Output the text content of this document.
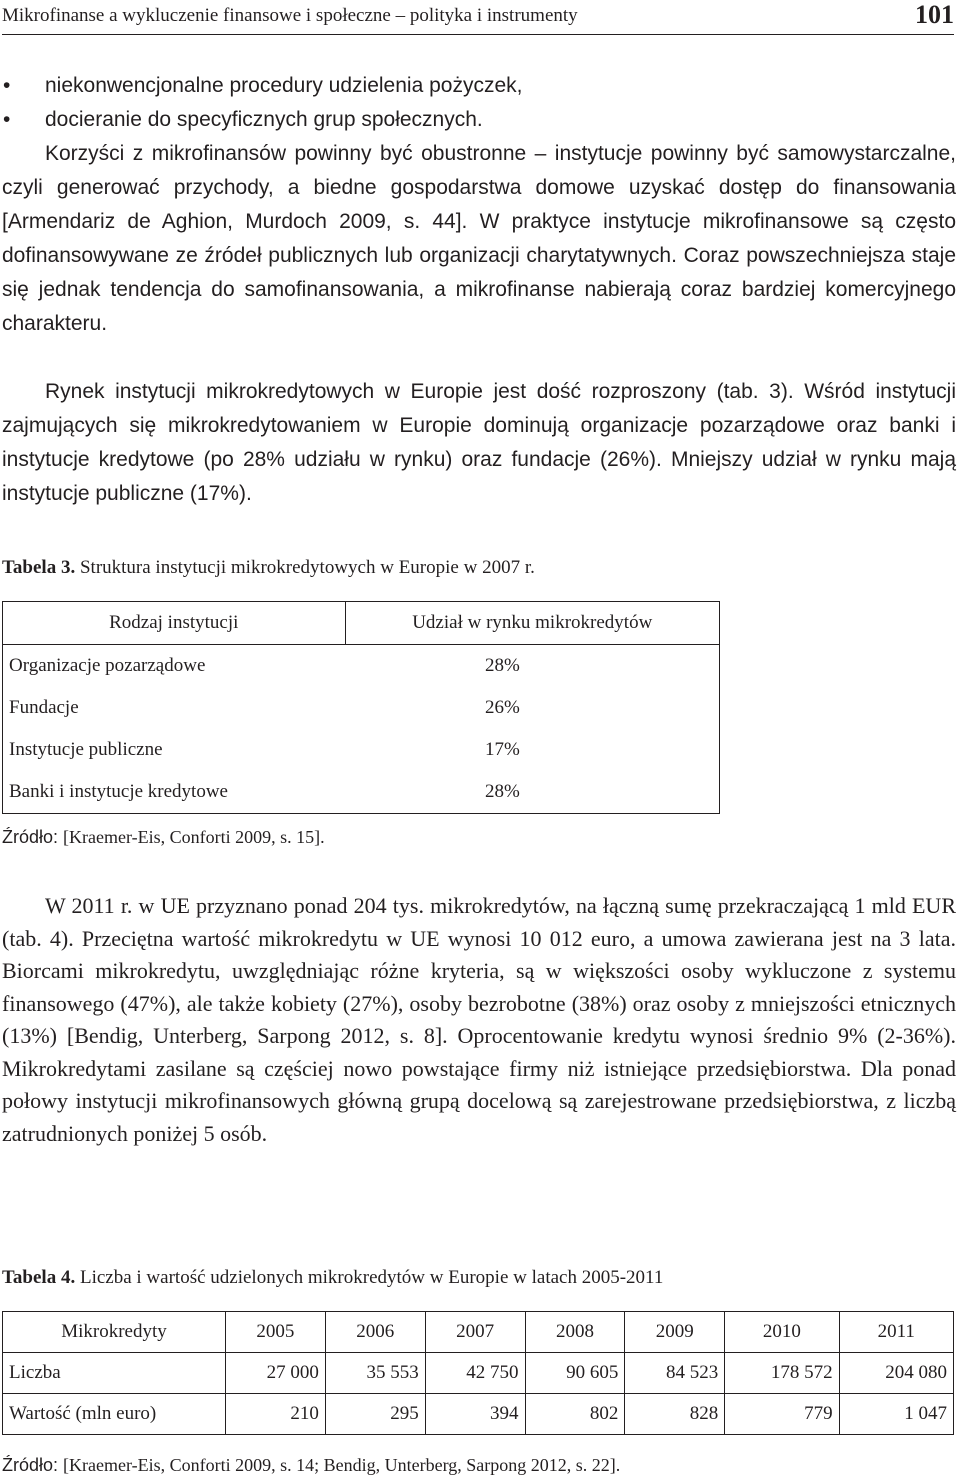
Mikrofinanse a wykluczenie finansowe i społeczne – polityka i instrumenty	101
• niekonwencjonalne procedury udzielenia pożyczek,
• docieranie do specyficznych grup społecznych.

Korzyści z mikrofinansów powinny być obustronne – instytucje powinny być samowystarczalne, czyli generować przychody, a biedne gospodarstwa domowe uzyskać dostęp do finansowania [Armendariz de Aghion, Murdoch 2009, s. 44]. W praktyce instytucje mikrofinansowe są często dofinansowywane ze źródeł publicznych lub organizacji charytatywnych. Coraz powszechniejsza staje się jednak tendencja do samofinansowania, a mikrofinanse nabierają coraz bardziej komercyjnego charakteru.

Rynek instytucji mikrokredytowych w Europie jest dość rozproszony (tab. 3). Wśród instytucji zajmujących się mikrokredytowaniem w Europie dominują organizacje pozarządowe oraz banki i instytucje kredytowe (po 28% udziału w rynku) oraz fundacje (26%). Mniejszy udział w rynku mają instytucje publiczne (17%).

Tabela 3. Struktura instytucji mikrokredytowych w Europie w 2007 r.
Rodzaj instytucji	Udział w rynku mikrokredytów
Organizacje pozarządowe	28%
Fundacje	26%
Instytucje publiczne	17%
Banki i instytucje kredytowe	28%
Źródło: [Kraemer-Eis, Conforti 2009, s. 15].

W 2011 r. w UE przyznano ponad 204 tys. mikrokredytów, na łączną sumę przekraczającą 1 mld EUR (tab. 4). Przeciętna wartość mikrokredytu w UE wynosi 10 012 euro, a umowa zawierana jest na 3 lata. Biorcami mikrokredytu, uwzględniając różne kryteria, są w większości osoby wykluczone z systemu finansowego (47%), ale także kobiety (27%), osoby bezrobotne (38%) oraz osoby z mniejszości etnicznych (13%) [Bendig, Unterberg, Sarpong 2012, s. 8]. Oprocentowanie kredytu wynosi średnio 9% (2-36%). Mikrokredytami zasilane są częściej nowo powstające firmy niż istniejące przedsiębiorstwa. Dla ponad połowy instytucji mikrofinansowych główną grupą docelową są zarejestrowane przedsiębiorstwa, z liczbą zatrudnionych poniżej 5 osób.

Tabela 4. Liczba i wartość udzielonych mikrokredytów w Europie w latach 2005-2011
Mikrokredyty	2005	2006	2007	2008	2009	2010	2011
Liczba	27 000	35 553	42 750	90 605	84 523	178 572	204 080
Wartość (mln euro)	210	295	394	802	828	779	1 047
Źródło: [Kraemer-Eis, Conforti 2009, s. 14; Bendig, Unterberg, Sarpong 2012, s. 22].
